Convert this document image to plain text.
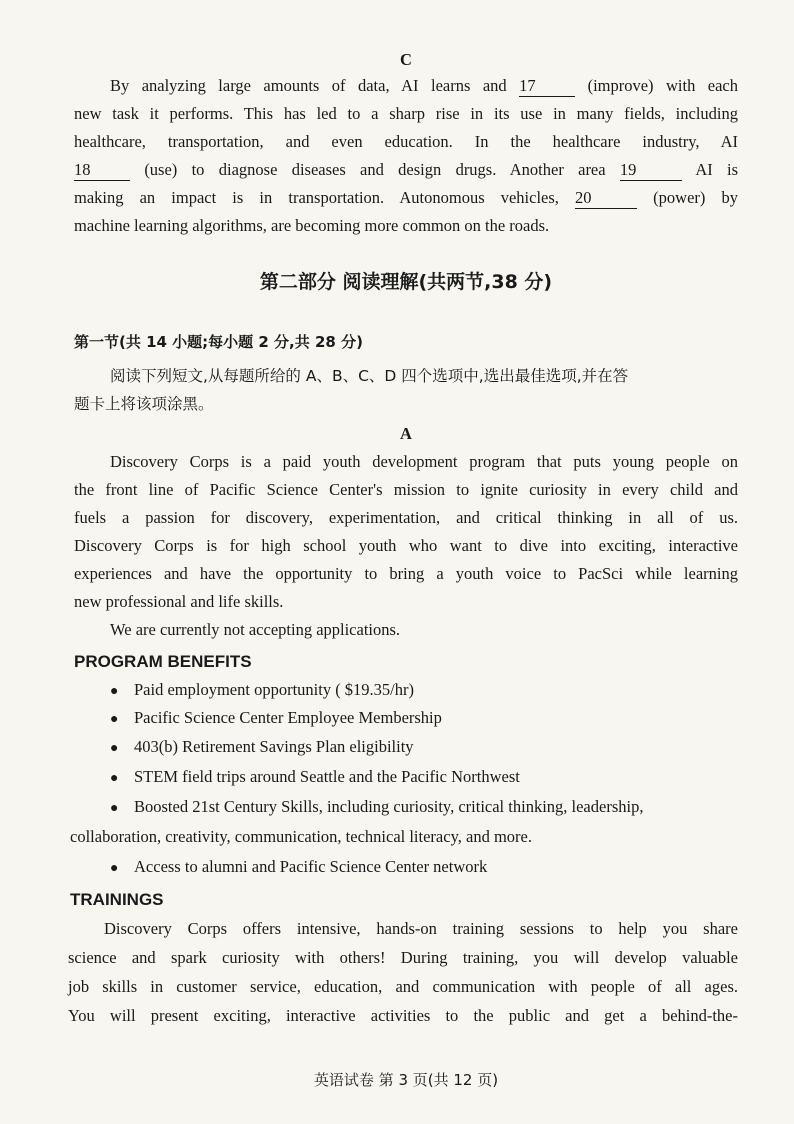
C
By analyzing large amounts of data, AI learns and 17	(improve) with each
new task it performs. This has led to a sharp rise in its use in many fields, including
healthcare, transportation, and even education. In the healthcare industry, AI
18	(use) to diagnose diseases and design drugs. Another area 19	AI is
making an impact is in transportation. Autonomous vehicles, 20	(power) by
machine learning algorithms, are becoming more common on the roads.
第二部分 阅读理解(共两节,38 分)
第一节(共 14 小题;每小题 2 分,共 28 分)
阅读下列短文,从每题所给的 A、B、C、D 四个选项中,选出最佳选项,并在答
题卡上将该项涂黑。
A
Discovery Corps is a paid youth development program that puts young people on
the front line of Pacific Science Center's mission to ignite curiosity in every child and
fuels a passion for discovery, experimentation, and critical thinking in all of us.
Discovery Corps is for high school youth who want to dive into exciting, interactive
experiences and have the opportunity to bring a youth voice to PacSci while learning
new professional and life skills.
We are currently not accepting applications.
PROGRAM BENEFITS
● Paid employment opportunity ( $19.35/hr)
● Pacific Science Center Employee Membership
● 403(b) Retirement Savings Plan eligibility
● STEM field trips around Seattle and the Pacific Northwest
● Boosted 21st Century Skills, including curiosity, critical thinking, leadership,
collaboration, creativity, communication, technical literacy, and more.
● Access to alumni and Pacific Science Center network
TRAININGS
Discovery Corps offers intensive, hands-on training sessions to help you share
science and spark curiosity with others! During training, you will develop valuable
job skills in customer service, education, and communication with people of all ages.
You will present exciting, interactive activities to the public and get a behind-the-
英语试卷 第 3 页(共 12 页)
